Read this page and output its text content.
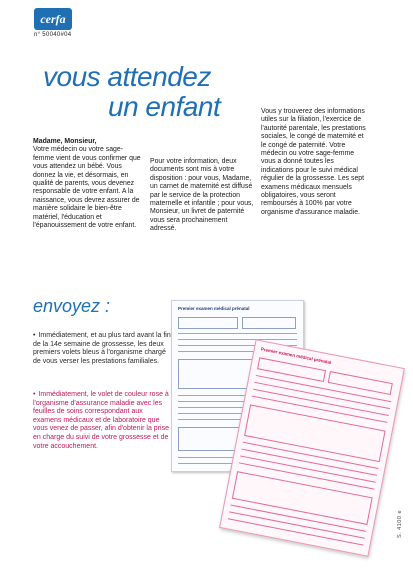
cerfa
n° 50040#04
vous attendez
un enfant

Madame, Monsieur,

Votre médecin ou votre sage-femme vient de vous confirmer que vous attendez un bébé. Vous donnez la vie, et désormais, en qualité de parents, vous devenez responsable de votre enfant. A la naissance, vous devrez assurer de manière solidaire le bien-être matériel, l'éducation et l'épanouissement de votre enfant.

Pour votre information, deux documents sont mis à votre disposition : pour vous, Madame, un carnet de maternité est diffusé par le service de la protection maternelle et infantile ; pour vous, Monsieur, un livret de paternité vous sera prochainement adressé.

Vous y trouverez des informations utiles sur la filiation, l'exercice de l'autorité parentale, les prestations sociales, le congé de maternité et le congé de paternité. Votre médecin ou votre sage-femme vous a donné toutes les indications pour le suivi médical régulier de la grossesse. Les sept examens médicaux mensuels obligatoires, vous seront remboursés à 100% par votre organisme d'assurance maladie.

envoyez :
• Immédiatement, et au plus tard avant la fin de la 14e semaine de grossesse, les deux premiers volets bleus à l'organisme chargé de vous verser les prestations familiales.
• Immédiatement, le volet de couleur rose à l'organisme d'assurance maladie avec les feuilles de soins correspondant aux examens médicaux et de laboratoire que vous venez de passer, afin d'obtenir la prise en charge du suivi de votre grossesse et de votre accouchement.
Premier examen médical prénatal
Premier examen médical prénatal
S. 4100 e
